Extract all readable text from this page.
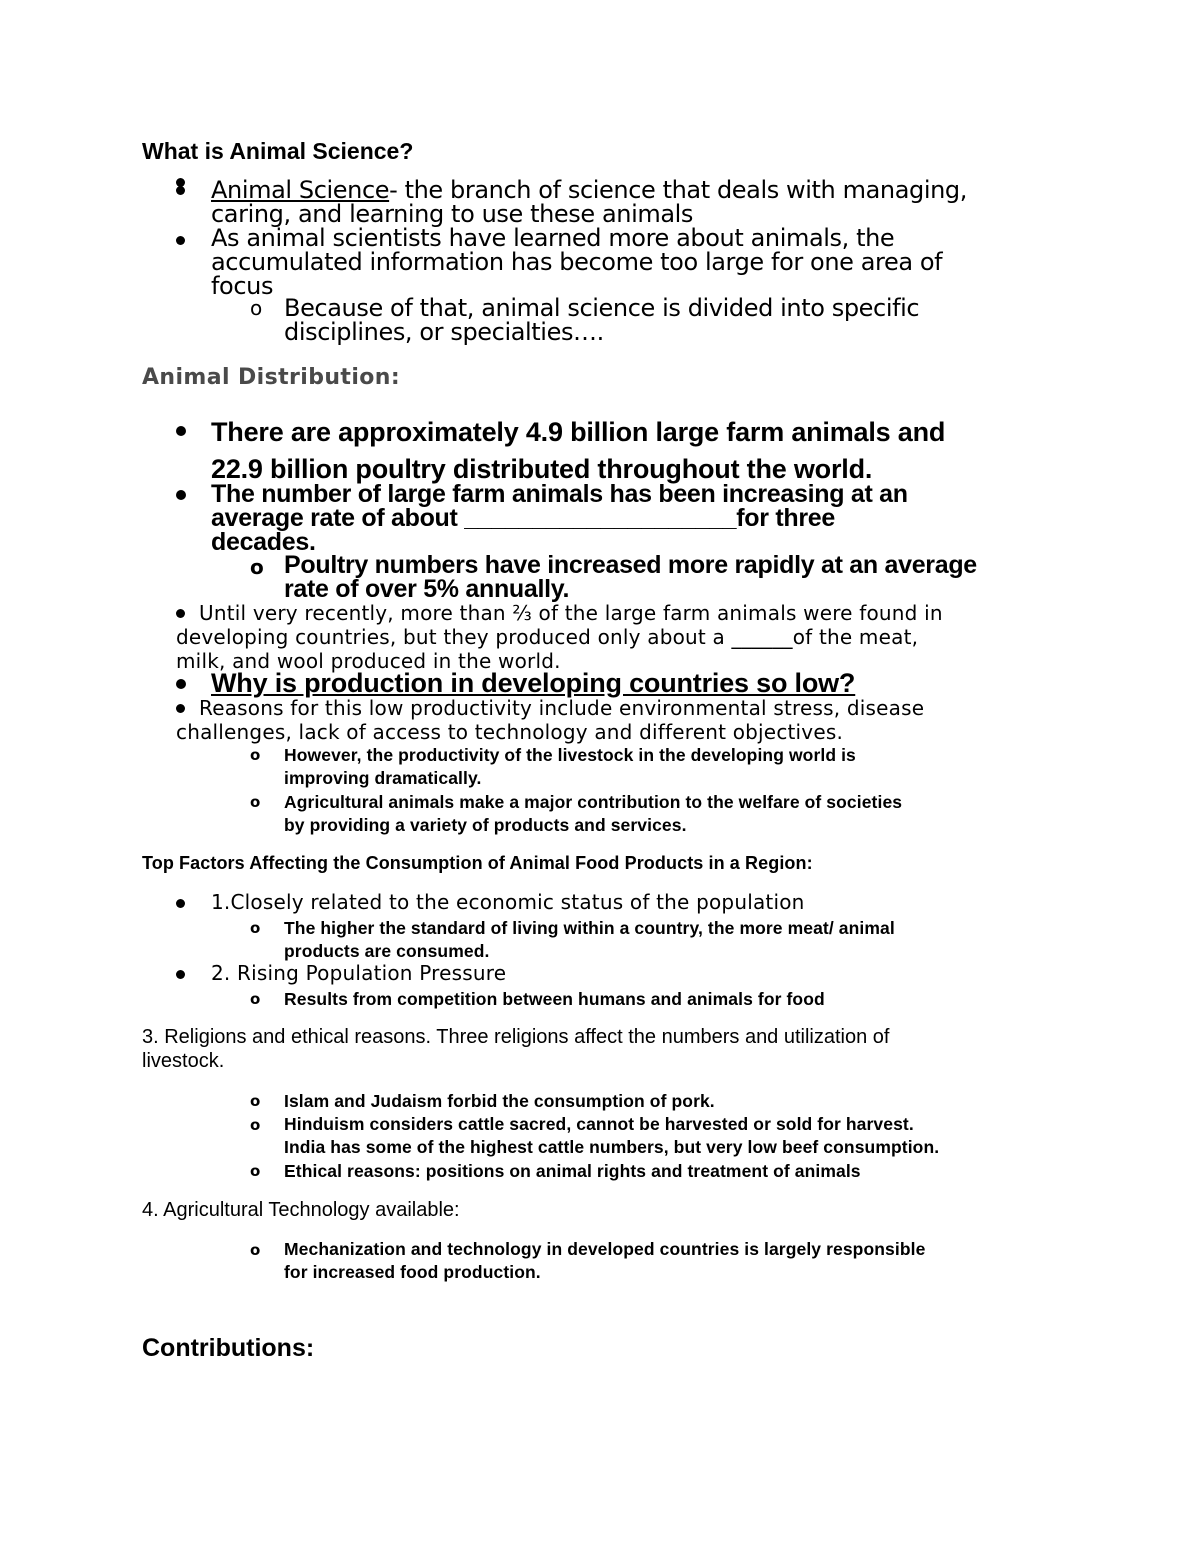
What is Animal Science?
Animal Science- the branch of science that deals with managing,
caring, and learning to use these animals
As animal scientists have learned more about animals, the
accumulated information has become too large for one area of
focus
o Because of that, animal science is divided into specific
disciplines, or specialties….
Animal Distribution:
There are approximately 4.9 billion large farm animals and
22.9 billion poultry distributed throughout the world.
The number of large farm animals has been increasing at an
average rate of about ____________________for three
decades.
o Poultry numbers have increased more rapidly at an average
rate of over 5% annually.
Until very recently, more than ⅔ of the large farm animals were found in
developing countries, but they produced only about a ______of the meat,
milk, and wool produced in the world.
Why is production in developing countries so low?
Reasons for this low productivity include environmental stress, disease
challenges, lack of access to technology and different objectives.
o However, the productivity of the livestock in the developing world is
improving dramatically.
o Agricultural animals make a major contribution to the welfare of societies
by providing a variety of products and services.
Top Factors Affecting the Consumption of Animal Food Products in a Region:
1.Closely related to the economic status of the population
o The higher the standard of living within a country, the more meat/ animal
products are consumed.
2. Rising Population Pressure
o Results from competition between humans and animals for food
3. Religions and ethical reasons. Three religions affect the numbers and utilization of
livestock.
o Islam and Judaism forbid the consumption of pork.
o Hinduism considers cattle sacred, cannot be harvested or sold for harvest.
India has some of the highest cattle numbers, but very low beef consumption.
o Ethical reasons: positions on animal rights and treatment of animals
4. Agricultural Technology available:
o Mechanization and technology in developed countries is largely responsible
for increased food production.
Contributions:
